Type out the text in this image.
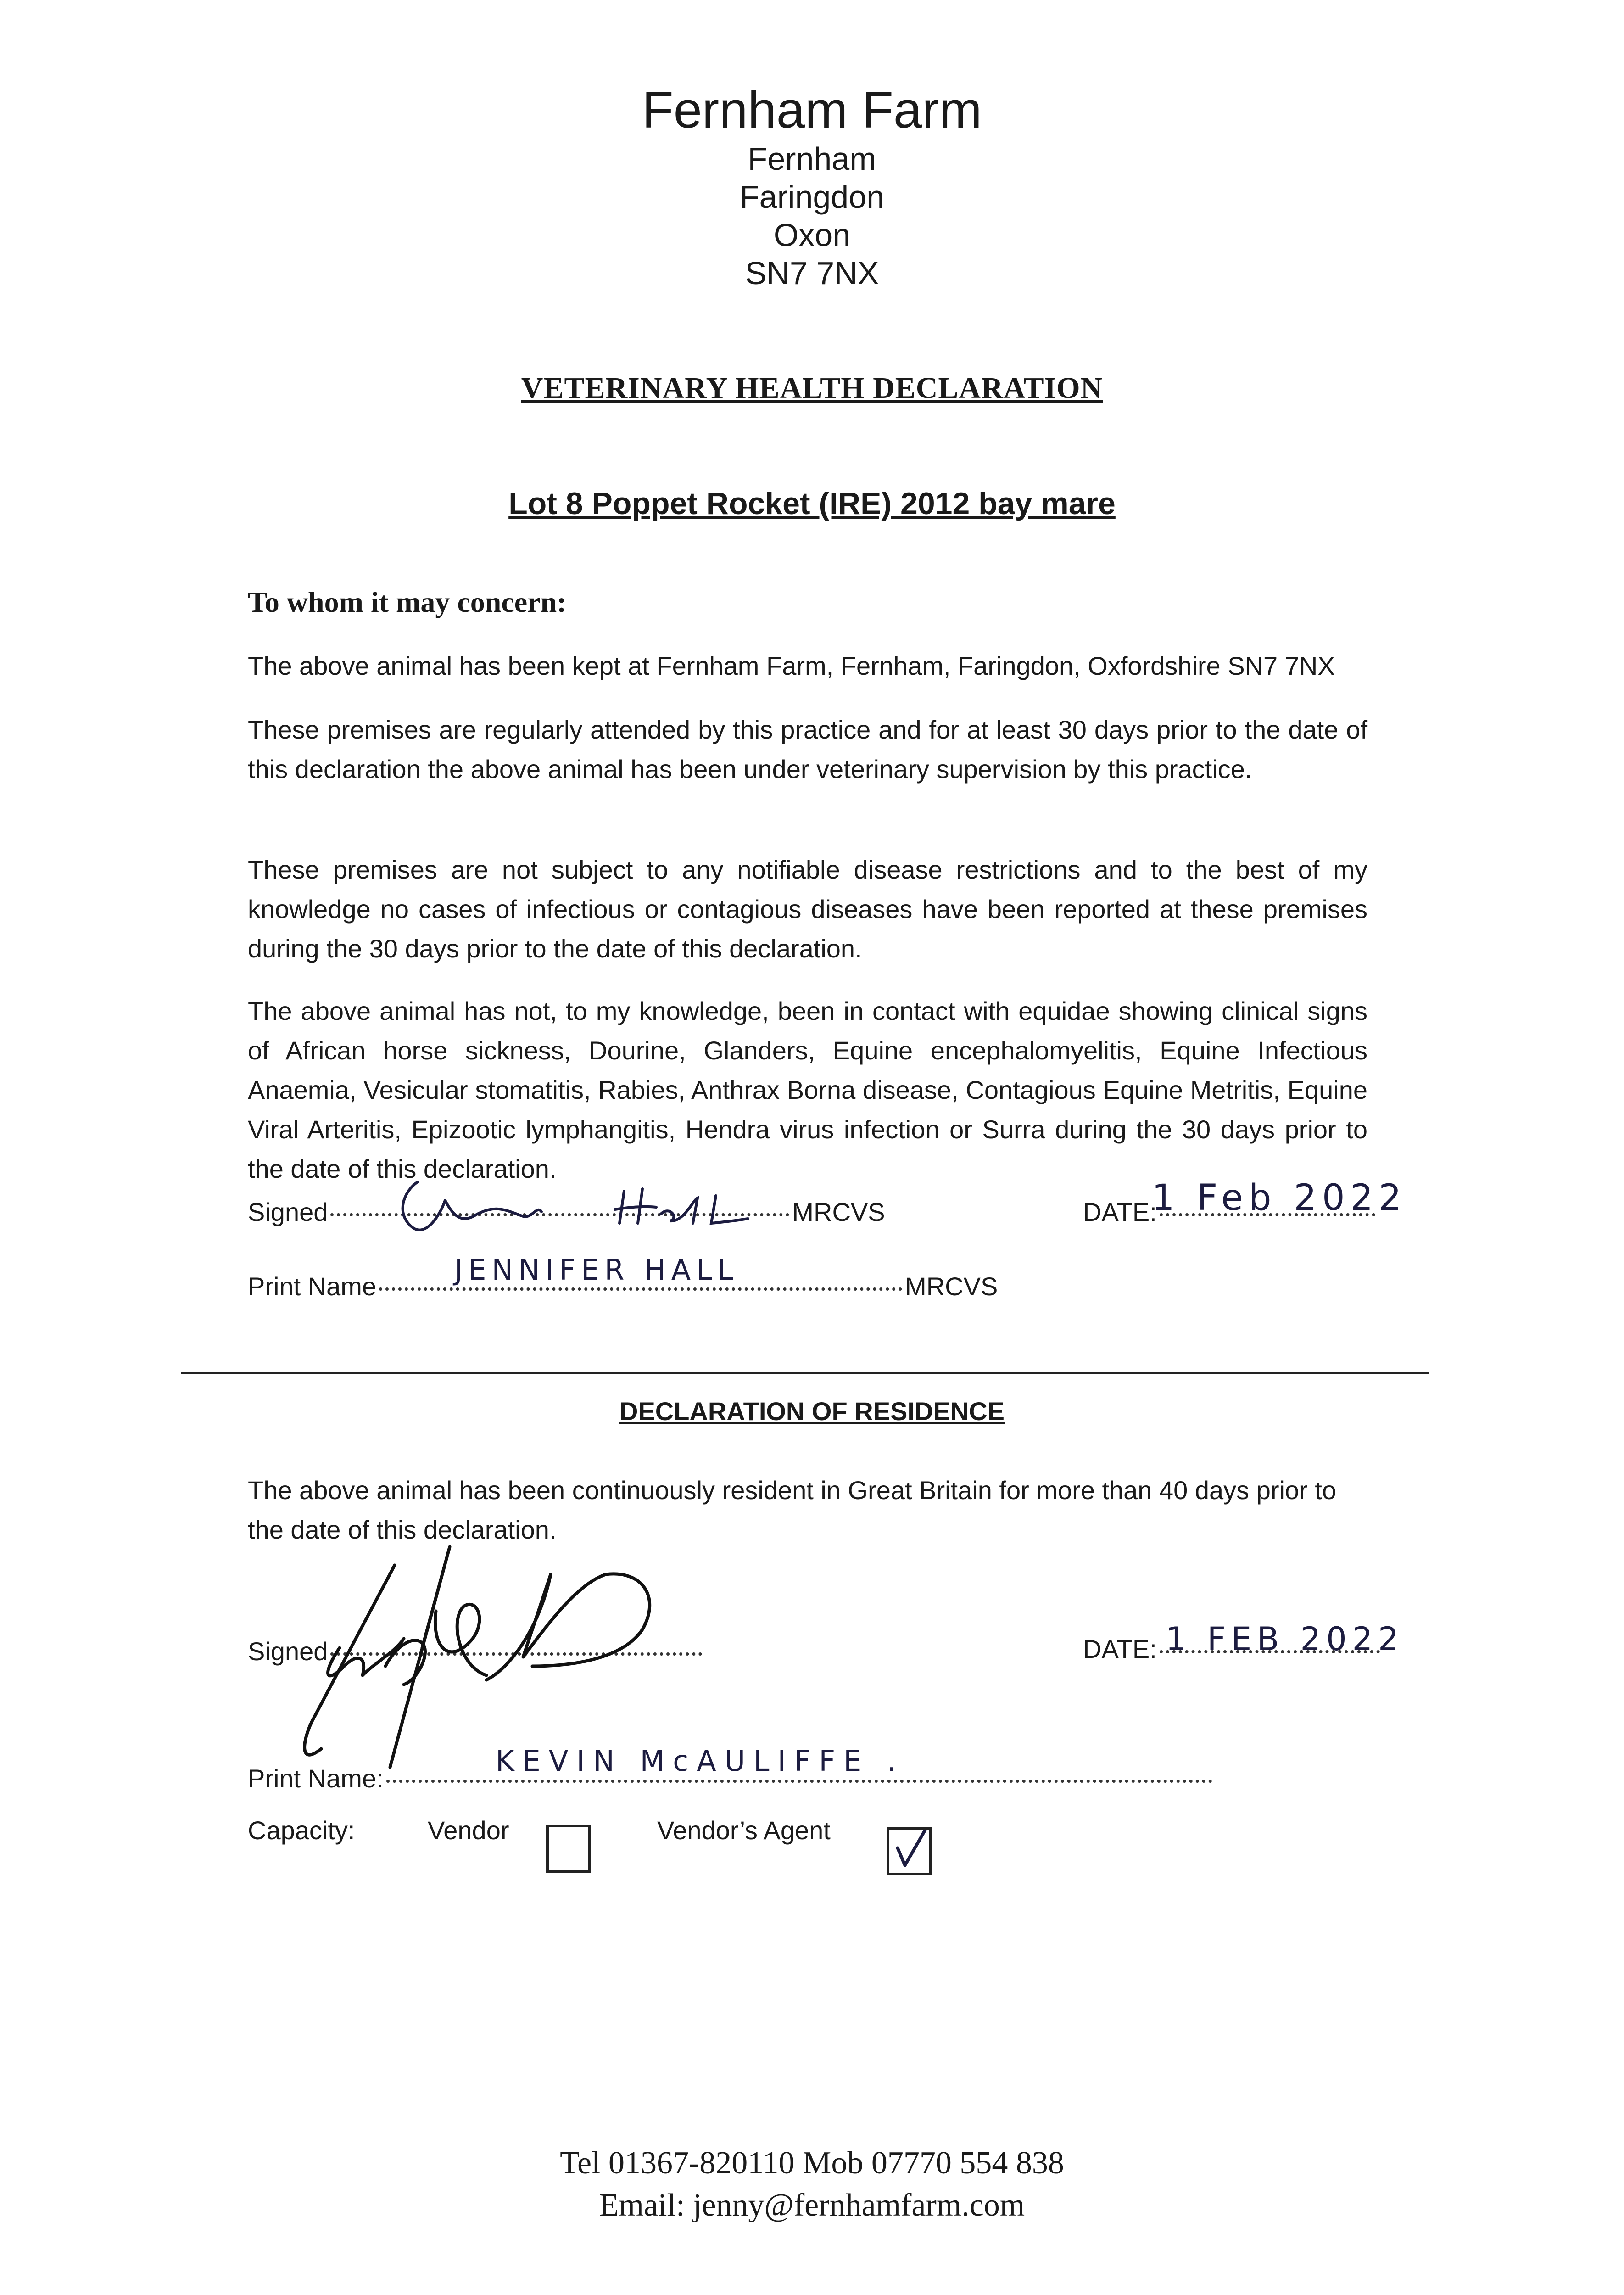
Fernham Farm
Fernham
Faringdon
Oxon
SN7 7NX
VETERINARY HEALTH DECLARATION
Lot 8 Poppet Rocket (IRE) 2012 bay mare
To whom it may concern:

The above animal has been kept at Fernham Farm, Fernham, Faringdon, Oxfordshire SN7 7NX

These premises are regularly attended by this practice and for at least 30 days prior to the date of this declaration the above animal has been under veterinary supervision by this practice.

These premises are not subject to any notifiable disease restrictions and to the best of my knowledge no cases of infectious or contagious diseases have been reported at these premises during the 30 days prior to the date of this declaration.

The above animal has not, to my knowledge, been in contact with equidae showing clinical signs of African horse sickness, Dourine, Glanders, Equine encephalomyelitis, Equine Infectious Anaemia, Vesicular stomatitis, Rabies, Anthrax Borna disease, Contagious Equine Metritis, Equine Viral Arteritis, Epizootic lymphangitis, Hendra virus infection or Surra during the 30 days prior to the date of this declaration.

Signed	MRCVS	DATE:
1 Feb 2022
Print Name	MRCVS
JENNIFER HALL
DECLARATION OF RESIDENCE

The above animal has been continuously resident in Great Britain for more than 40 days prior to the date of this declaration.

Signed	DATE: 1 FEB 2022
Print Name:
KEVIN McAULIFFE .
Capacity:	Vendor	Vendor’s Agent
Tel 01367-820110 Mob 07770 554 838
Email: jenny@fernhamfarm.com
